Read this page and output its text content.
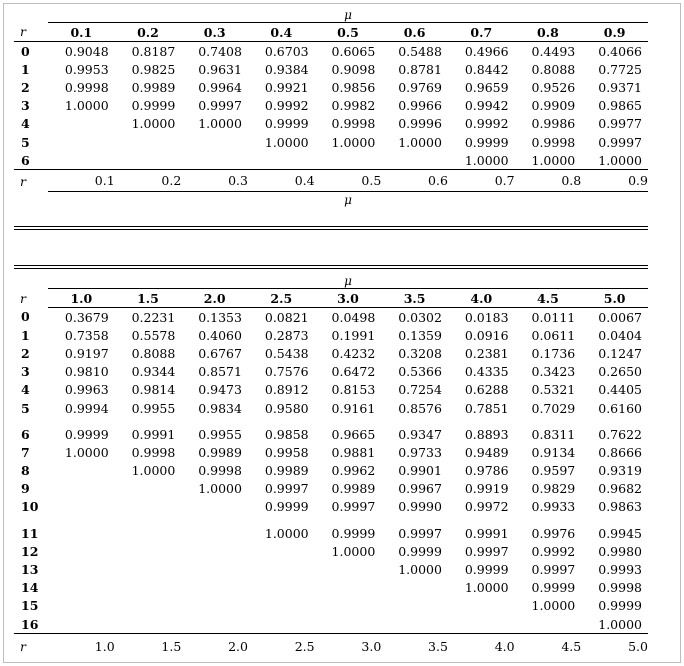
	μ								
r	0.1	0.2	0.3	0.4	0.5	0.6	0.7	0.8	0.9
0	0.9048	0.8187	0.7408	0.6703	0.6065	0.5488	0.4966	0.4493	0.4066
1	0.9953	0.9825	0.9631	0.9384	0.9098	0.8781	0.8442	0.8088	0.7725
2	0.9998	0.9989	0.9964	0.9921	0.9856	0.9769	0.9659	0.9526	0.9371
3	1.0000	0.9999	0.9997	0.9992	0.9982	0.9966	0.9942	0.9909	0.9865
4		1.0000	1.0000	0.9999	0.9998	0.9996	0.9992	0.9986	0.9977
5				1.0000	1.0000	1.0000	0.9999	0.9998	0.9997
6							1.0000	1.0000	1.0000
r	0.1	0.2	0.3	0.4	0.5	0.6	0.7	0.8	0.9
	μ								
	μ								
r	1.0	1.5	2.0	2.5	3.0	3.5	4.0	4.5	5.0
0	0.3679	0.2231	0.1353	0.0821	0.0498	0.0302	0.0183	0.0111	0.0067
1	0.7358	0.5578	0.4060	0.2873	0.1991	0.1359	0.0916	0.0611	0.0404
2	0.9197	0.8088	0.6767	0.5438	0.4232	0.3208	0.2381	0.1736	0.1247
3	0.9810	0.9344	0.8571	0.7576	0.6472	0.5366	0.4335	0.3423	0.2650
4	0.9963	0.9814	0.9473	0.8912	0.8153	0.7254	0.6288	0.5321	0.4405
5	0.9994	0.9955	0.9834	0.9580	0.9161	0.8576	0.7851	0.7029	0.6160

6	0.9999	0.9991	0.9955	0.9858	0.9665	0.9347	0.8893	0.8311	0.7622
7	1.0000	0.9998	0.9989	0.9958	0.9881	0.9733	0.9489	0.9134	0.8666
8		1.0000	0.9998	0.9989	0.9962	0.9901	0.9786	0.9597	0.9319
9			1.0000	0.9997	0.9989	0.9967	0.9919	0.9829	0.9682
10				0.9999	0.9997	0.9990	0.9972	0.9933	0.9863

11				1.0000	0.9999	0.9997	0.9991	0.9976	0.9945
12					1.0000	0.9999	0.9997	0.9992	0.9980
13						1.0000	0.9999	0.9997	0.9993
14							1.0000	0.9999	0.9998
15								1.0000	0.9999
16									1.0000
r	1.0	1.5	2.0	2.5	3.0	3.5	4.0	4.5	5.0
